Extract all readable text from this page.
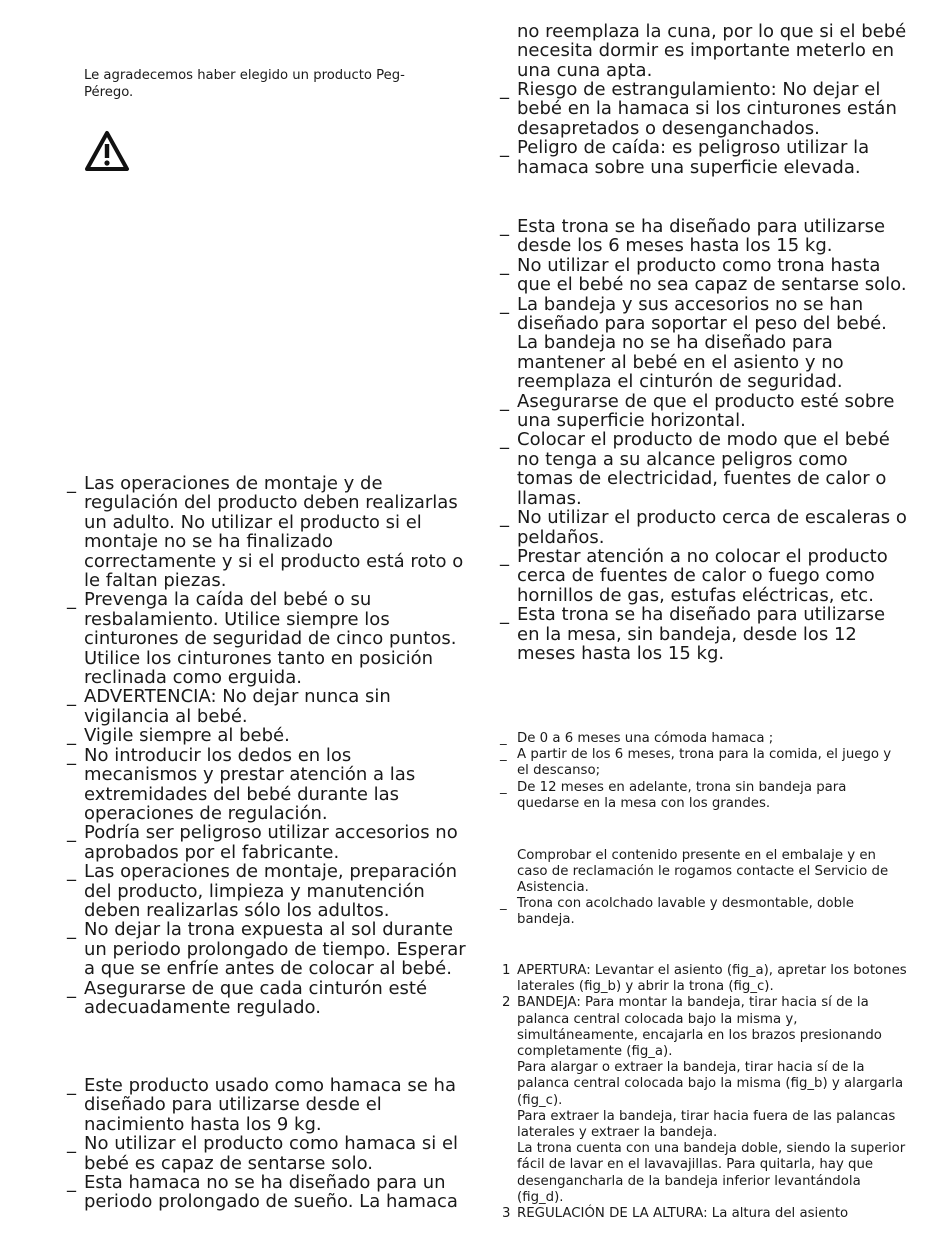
Le agradecemos haber elegido un producto Peg-Pérego.
_ Las operaciones de montaje y de regulación del producto deben realizarlas un adulto. No utilizar el producto si el montaje no se ha finalizado correctamente y si el producto está roto o le faltan piezas.
_ Prevenga la caída del bebé o su resbalamiento. Utilice siempre los cinturones de seguridad de cinco puntos. Utilice los cinturones tanto en posición reclinada como erguida.
_ ADVERTENCIA: No dejar nunca sin vigilancia al bebé.
_ Vigile siempre al bebé.
_ No introducir los dedos en los mecanismos y prestar atención a las extremidades del bebé durante las operaciones de regulación.
_ Podría ser peligroso utilizar accesorios no aprobados por el fabricante.
_ Las operaciones de montaje, preparación del producto, limpieza y manutención deben realizarlas sólo los adultos.
_ No dejar la trona expuesta al sol durante un periodo prolongado de tiempo. Esperar a que se enfríe antes de colocar al bebé.
_ Asegurarse de que cada cinturón esté adecuadamente regulado.
_ Este producto usado como hamaca se ha diseñado para utilizarse desde el nacimiento hasta los 9 kg.
_ No utilizar el producto como hamaca si el bebé es capaz de sentarse solo.
_ Esta hamaca no se ha diseñado para un periodo prolongado de sueño. La hamaca
no reemplaza la cuna, por lo que si el bebé necesita dormir es importante meterlo en una cuna apta.
_ Riesgo de estrangulamiento: No dejar el bebé en la hamaca si los cinturones están desapretados o desenganchados.
_ Peligro de caída: es peligroso utilizar la hamaca sobre una superficie elevada.
_ Esta trona se ha diseñado para utilizarse desde los 6 meses hasta los 15 kg.
_ No utilizar el producto como trona hasta que el bebé no sea capaz de sentarse solo.
_ La bandeja y sus accesorios no se han diseñado para soportar el peso del bebé. La bandeja no se ha diseñado para mantener al bebé en el asiento y no reemplaza el cinturón de seguridad.
_ Asegurarse de que el producto esté sobre una superficie horizontal.
_ Colocar el producto de modo que el bebé no tenga a su alcance peligros como tomas de electricidad, fuentes de calor o llamas.
_ No utilizar el producto cerca de escaleras o peldaños.
_ Prestar atención a no colocar el producto cerca de fuentes de calor o fuego como hornillos de gas, estufas eléctricas, etc.
_ Esta trona se ha diseñado para utilizarse en la mesa, sin bandeja, desde los 12 meses hasta los 15 kg.
_ De 0 a 6 meses una cómoda hamaca ;
_ A partir de los 6 meses, trona para la comida, el juego y el descanso;
_ De 12 meses en adelante, trona sin bandeja para quedarse en la mesa con los grandes.
Comprobar el contenido presente en el embalaje y en caso de reclamación le rogamos contacte el Servicio de Asistencia.
_ Trona con acolchado lavable y desmontable, doble bandeja.
1 APERTURA: Levantar el asiento (fig_a), apretar los botones laterales (fig_b) y abrir la trona (fig_c).

2 BANDEJA: Para montar la bandeja, tirar hacia sí de la palanca central colocada bajo la misma y, simultáneamente, encajarla en los brazos presionando completamente (fig_a).

Para alargar o extraer la bandeja, tirar hacia sí de la palanca central colocada bajo la misma (fig_b) y alargarla (fig_c).

Para extraer la bandeja, tirar hacia fuera de las palancas laterales y extraer la bandeja.

La trona cuenta con una bandeja doble, siendo la superior fácil de lavar en el lavavajillas. Para quitarla, hay que desengancharla de la bandeja inferior levantándola (fig_d).

3 REGULACIÓN DE LA ALTURA: La altura del asiento
